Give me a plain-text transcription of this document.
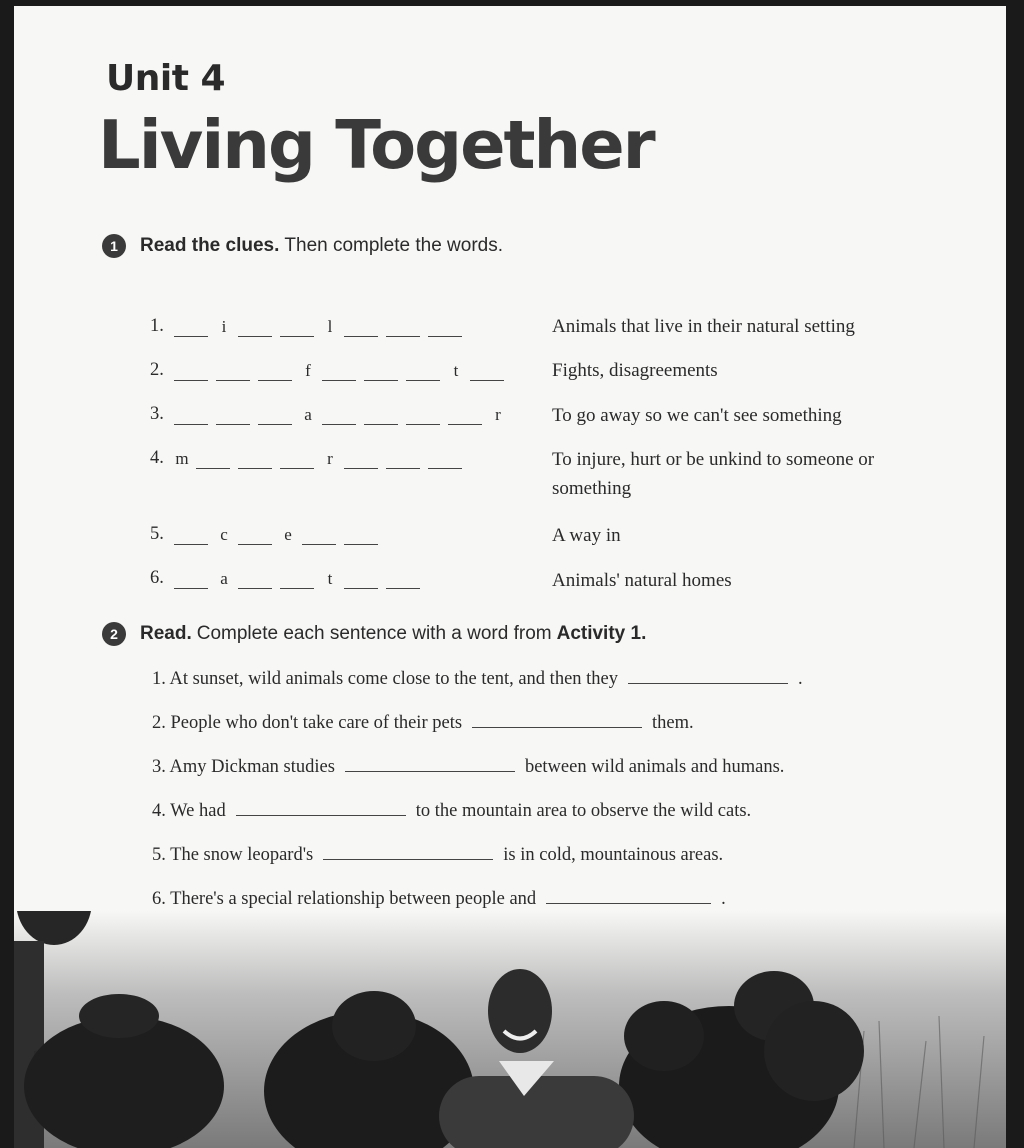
Unit 4
Living Together
1	Read the clues. Then complete the words.
1.	i	l	Animals that live in their natural setting
2.	f	t	Fights, disagreements
3.	a	r	To go away so we can't see something
4. m	r	To injure, hurt or be unkind to someone or something
5.	c	e	A way in
6.	a	t	Animals' natural homes
2	Read. Complete each sentence with a word from Activity 1.
1. At sunset, wild animals come close to the tent, and then they	.
2. People who don't take care of their pets	them.
3. Amy Dickman studies	between wild animals and humans.
4. We had	to the mountain area to observe the wild cats.
5. The snow leopard's	is in cold, mountainous areas.
6. There's a special relationship between people and	.
